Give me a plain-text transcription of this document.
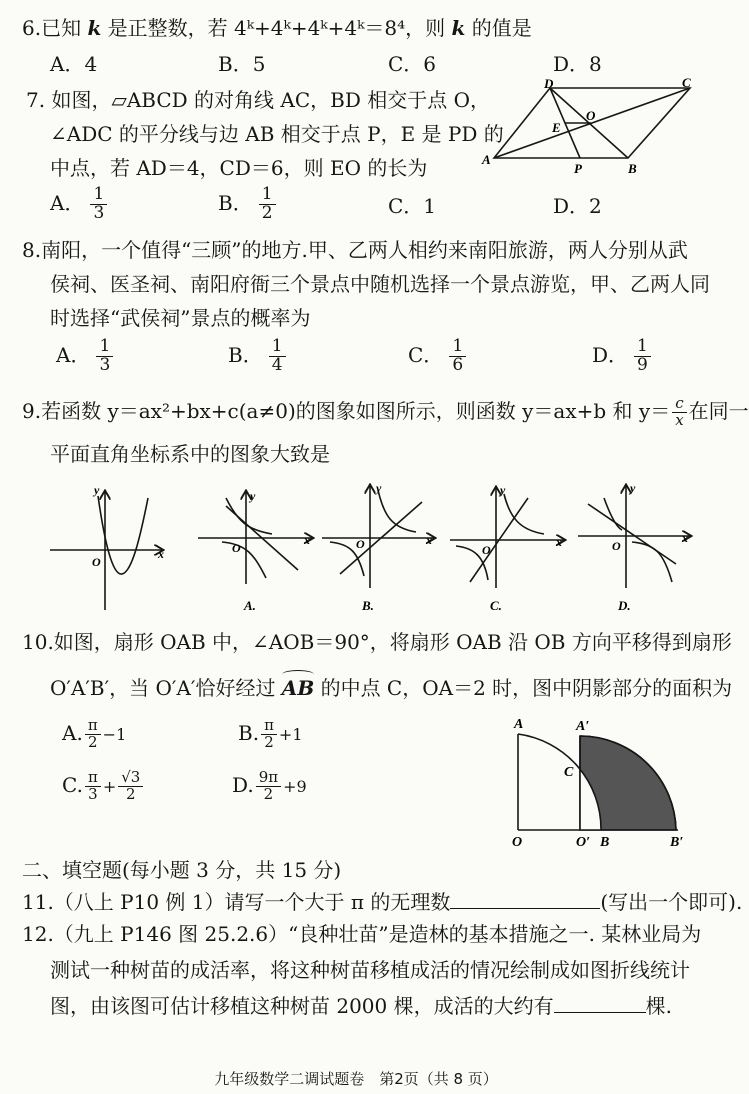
6.已知 k 是正整数，若 4ᵏ+4ᵏ+4ᵏ+4ᵏ＝8⁴，则 k 的值是
A．4	B．5	C．6	D．8
7. 如图，▱ABCD 的对角线 AC，BD 相交于点 O，
∠ADC 的平分线与边 AB 相交于点 P，E 是 PD 的
中点，若 AD＝4，CD＝6，则 EO 的长为	A
B
C
D
O
E
P
A． $\frac{1}{3}$	B． $\frac{1}{2}$	C．1	D．2
8.南阳，一个值得“三顾”的地方.甲、乙两人相约来南阳旅游，两人分别从武
侯祠、医圣祠、南阳府衙三个景点中随机选择一个景点游览，甲、乙两人同
时选择“武侯祠”景点的概率为
A． $\frac{1}{3}$	B． $\frac{1}{4}$	C． $\frac{1}{6}$	D． $\frac{1}{9}$
9.若函数 y＝ax²+bx+c(a≠0)的图象如图所示，则函数 y＝ax+b 和 $y= \frac{c}{x}$ 在同一
平面直角坐标系中的图象大致是
x
y
O
x
y
O
x
y
O	x
y
O
x
y
O
A.	B.	C.	D.
10.如图，扇形 OAB 中，∠AOB＝90°，将扇形 OAB 沿 OB 方向平移得到扇形
O′A′B′，当 O′A′恰好经过
AB 的中点 C，OA＝2 时，图中阴影部分的面积为
A. $\frac{\pi}{2} -1$	B. $\frac{\pi}{2} +1$
C. $\frac{\pi}{3} + \frac{√3}{2}$	D. $\frac{9\pi}{2} +9$
A	A′
C
O	O′ B	B′
二、填空题(每小题 3 分，共 15 分)
11.（八上 P10 例 1）请写一个大于 π 的无理数	(写出一个即可).
12.（九上 P146 图 25.2.6）“良种壮苗”是造林的基本措施之一. 某林业局为
测试一种树苗的成活率，将这种树苗移植成活的情况绘制成如图折线统计
图，由该图可估计移植这种树苗 2000 棵，成活的大约有	棵.
九年级数学二调试题卷　第2页（共 8 页）
